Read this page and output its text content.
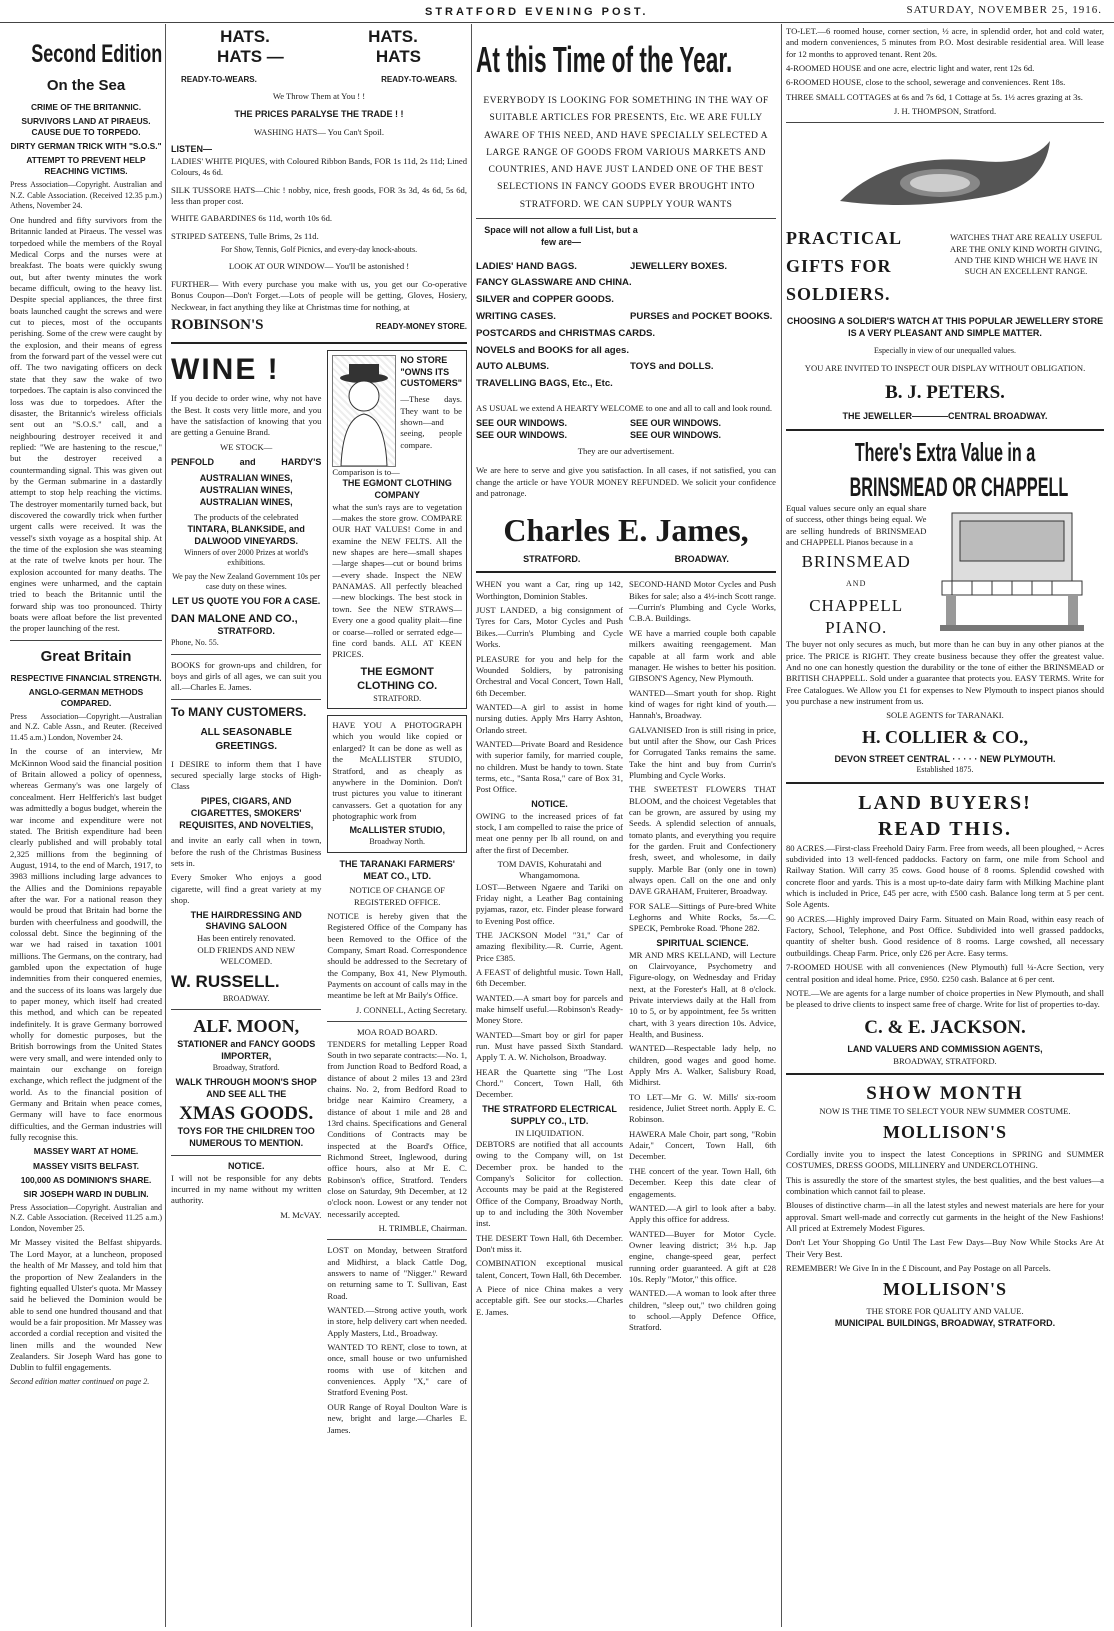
STRATFORD EVENING POST.	SATURDAY, NOVEMBER 25, 1916.
Second Edition
On the Sea
CRIME OF THE BRITANNIC.
SURVIVORS LAND AT PIRAEUS. CAUSE DUE TO TORPEDO.
DIRTY GERMAN TRICK WITH "S.O.S."
ATTEMPT TO PREVENT HELP REACHING VICTIMS.

Press Association—Copyright. Australian and N.Z. Cable Association. (Received 12.35 p.m.) Athens, November 24.

One hundred and fifty survivors from the Britannic landed at Piraeus. The vessel was torpedoed while the members of the Royal Medical Corps and the nurses were at breakfast. The boats were quickly swung out, but after twenty minutes the work became difficult, owing to the heavy list. Despite special appliances, the three first boats launched caught the screws and were cut to pieces, most of the occupants perishing. Some of the crew were caught by the explosion, and their means of egress from the forward part of the vessel were cut off. The two navigating officers on deck state that they saw the wake of two torpedoes. The captain is also convinced the loss was due to torpedoes. After the disaster, the Britannic's wireless officials sent out an "S.O.S." call, and a neighbouring destroyer received it and replied: "We are hastening to the rescue," but the destroyer received a countermanding signal. This was given out by the German submarine in a dastardly attempt to stop help reaching the victims. The destroyer momentarily turned back, but discovered the cowardly trick when further urgent calls were received. It was the vessel's sixth voyage as a hospital ship. At the time of the explosion she was steaming at the rate of twelve knots per hour. The explosion accounted for many deaths. The engines were unharmed, and the captain tried to beach the Britannic until the forward ship was too pronounced. Thirty boats were afloat before the list prevented the proper launching of the rest.

Great Britain
RESPECTIVE FINANCIAL STRENGTH.
ANGLO-GERMAN METHODS COMPARED.

Press Association—Copyright.—Australian and N.Z. Cable Assn., and Reuter. (Received 11.45 a.m.) London, November 24.

In the course of an interview, Mr McKinnon Wood said the financial position of Britain allowed a policy of openness, whereas Germany's was one largely of concealment. Herr Helfferich's last budget was admittedly a bogus budget, wherein the war income and expenditure were not stated. The British expenditure had been clearly published and will probably total 2,325 millions from the beginning of August, 1914, to the end of March, 1917, to 3983 millions including large advances to the Allies and the Dominions repayable after the war. For a national reason they would be proud that Britain had borne the burden with cheerfulness and goodwill, the colossal debt. Since the beginning of the war we had raised in taxation 1001 millions. The Germans, on the contrary, had gambled upon the expectation of huge indemnities from their conquered enemies, and the success of its loans was largely due to paper money, which itself had created this method, and which can be repeated indefinitely. It is grave Germany borrowed wholly for domestic purposes, but the British borrowings from the United States were very small, and were intended only to maintain our exchange on foreign exchange, which reflect the judgment of the world. As to the financial position of Germany and Britain when peace comes, Germany will have to face enormous difficulties, and the German industries will fully recognise this.

MASSEY WART AT HOME.
MASSEY VISITS BELFAST.
100,000 AS DOMINION'S SHARE.
SIR JOSEPH WARD IN DUBLIN.

Press Association—Copyright. Australian and N.Z. Cable Association. (Received 11.25 a.m.) London, November 25.

Mr Massey visited the Belfast shipyards. The Lord Mayor, at a luncheon, proposed the health of Mr Massey, and told him that the proportion of New Zealanders in the fighting equalled Ulster's quota. Mr Massey said he believed the Dominion would be able to send one hundred thousand and that would be a fair proposition. Mr Massey was accorded a cordial reception and visited the linen mills and the wounded New Zealanders. Sir Joseph Ward has gone to Dublin to fulfil engagements.

Second edition matter continued on page 2.

HATS.	HATS.
HATS —	HATS
READY-TO-WEARS.	READY-TO-WEARS.
We Throw Them at You ! !
THE PRICES PARALYSE THE TRADE ! !
WASHING HATS— You Can't Spoil.
LISTEN—

LADIES' WHITE PIQUES, with Coloured Ribbon Bands, FOR 1s 11d, 2s 11d; Lined Colours, 4s 6d.

SILK TUSSORE HATS—Chic ! nobby, nice, fresh goods, FOR 3s 3d, 4s 6d, 5s 6d, less than proper cost.

WHITE GABARDINES 6s 11d, worth 10s 6d.

STRIPED SATEENS, Tulle Brims, 2s 11d.

For Show, Tennis, Golf Picnics, and every-day knock-abouts.
LOOK AT OUR WINDOW— You'll be astonished !

FURTHER— With every purchase you make with us, you get our Co-operative Bonus Coupon—Don't Forget.—Lots of people will be getting, Gloves, Hosiery, Neckwear, in fact anything they like at Christmas time for nothing, at

ROBINSON'S	READY-MONEY STORE.
WINE !

If you decide to order wine, why not have the Best. It costs very little more, and you have the satisfaction of knowing that you are getting a Genuine Brand.

WE STOCK—
PENFOLD	and	HARDY'S
AUSTRALIAN WINES,
AUSTRALIAN WINES,
AUSTRALIAN WINES,
The products of the celebrated
TINTARA, BLANKSIDE, and DALWOOD VINEYARDS.
Winners of over 2000 Prizes at world's exhibitions.
We pay the New Zealand Government 10s per case duty on these wines.
LET US QUOTE YOU FOR A CASE.
DAN MALONE AND CO.,
STRATFORD.
Phone, No. 55.

BOOKS for grown-ups and children, for boys and girls of all ages, we can suit you all.—Charles E. James.

To MANY CUSTOMERS.
ALL SEASONABLE GREETINGS.

I DESIRE to inform them that I have secured specially large stocks of High-Class

PIPES, CIGARS, AND CIGARETTES, SMOKERS' REQUISITES, AND NOVELTIES,

and invite an early call when in town, before the rush of the Christmas Business sets in.

Every Smoker Who enjoys a good cigarette, will find a great variety at my shop.

THE HAIRDRESSING AND SHAVING SALOON
Has been entirely renovated.
OLD FRIENDS AND NEW WELCOMED.
W. RUSSELL.
BROADWAY.
ALF. MOON,
STATIONER and FANCY GOODS IMPORTER,
Broadway, Stratford.
WALK THROUGH MOON'S SHOP AND SEE ALL THE
XMAS GOODS.
TOYS FOR THE CHILDREN TOO NUMEROUS TO MENTION.
NOTICE.

I will not be responsible for any debts incurred in my name without my written authority.

M. McVAY.
NO STORE "OWNS ITS CUSTOMERS"

—These days. They want to be shown—and seeing, people compare.

Comparison is to—
THE EGMONT CLOTHING COMPANY

what the sun's rays are to vegetation—makes the store grow. COMPARE OUR HAT VALUES! Come in and examine the NEW FELTS. All the new shapes are here—small shapes—large shapes—cut or bound brims—every shade. Inspect the NEW PANAMAS. All perfectly bleached—new blockings. The best stock in town. See the NEW STRAWS—Every one a good quality plait—fine or coarse—rolled or serrated edge—fine cord bands. ALL AT KEEN PRICES.

THE EGMONT CLOTHING CO.
STRATFORD.

HAVE YOU A PHOTOGRAPH which you would like copied or enlarged? It can be done as well as the McALLISTER STUDIO, Stratford, and as cheaply as anywhere in the Dominion. Don't trust pictures you value to itinerant canvassers. Get a quotation for any photographic work from

McALLISTER STUDIO,
Broadway North.
THE TARANAKI FARMERS' MEAT CO., LTD.
NOTICE OF CHANGE OF REGISTERED OFFICE.

NOTICE is hereby given that the Registered Office of the Company has been Removed to the Office of the Company, Smart Road. Correspondence should be addressed to the Secretary of the Company, Box 41, New Plymouth. Payments on account of calls may in the meantime be left at Mr Baily's Office.

J. CONNELL, Acting Secretary.
MOA ROAD BOARD.

TENDERS for metalling Lepper Road South in two separate contracts:—No. 1, from Junction Road to Bedford Road, a distance of about 2 miles 13 and 23rd chains. No. 2, from Bedford Road to bridge near Kaimiro Creamery, a distance of about 1 mile and 28 and 13rd chains. Specifications and General Conditions of Contracts may be inspected at the Board's Office, Richmond Street, Inglewood, during office hours, also at Mr E. C. Robinson's office, Stratford. Tenders close on Saturday, 9th December, at 12 o'clock noon. Lowest or any tender not necessarily accepted.

H. TRIMBLE, Chairman.

LOST on Monday, between Stratford and Midhirst, a black Cattle Dog, answers to name of "Nigger." Reward on returning same to T. Sullivan, East Road.

WANTED.—Strong active youth, work in store, help delivery cart when needed. Apply Masters, Ltd., Broadway.

WANTED TO RENT, close to town, at once, small house or two unfurnished rooms with use of kitchen and conveniences. Apply "X," care of Stratford Evening Post.

OUR Range of Royal Doulton Ware is new, bright and large.—Charles E. James.

At this Time of the Year.

EVERYBODY IS LOOKING FOR SOMETHING IN THE WAY OF SUITABLE ARTICLES FOR PRESENTS, Etc. WE ARE FULLY AWARE OF THIS NEED, AND HAVE SPECIALLY SELECTED A LARGE RANGE OF GOODS FROM VARIOUS MARKETS AND COUNTRIES, AND HAVE JUST LANDED ONE OF THE BEST SELECTIONS IN FANCY GOODS EVER BROUGHT INTO STRATFORD. WE CAN SUPPLY YOUR WANTS

Space will not allow a full List, but a few are—
LADIES' HAND BAGS.	JEWELLERY BOXES.
FANCY GLASSWARE AND CHINA.
SILVER and COPPER GOODS.
WRITING CASES.	PURSES and POCKET BOOKS.
POSTCARDS and CHRISTMAS CARDS.
NOVELS and BOOKS for all ages.
AUTO ALBUMS.	TOYS and DOLLS.
TRAVELLING BAGS, Etc., Etc.

AS USUAL we extend A HEARTY WELCOME to one and all to call and look round.

SEE OUR WINDOWS.	SEE OUR WINDOWS.
SEE OUR WINDOWS.	SEE OUR WINDOWS.
They are our advertisement.

We are here to serve and give you satisfaction. In all cases, if not satisfied, you can change the article or have YOUR MONEY REFUNDED. We solicit your confidence and patronage.

Charles E. James,
STRATFORD.	BROADWAY.

WHEN you want a Car, ring up 142, Worthington, Dominion Stables.

JUST LANDED, a big consignment of Tyres for Cars, Motor Cycles and Push Bikes.—Currin's Plumbing and Cycle Works.

PLEASURE for you and help for the Wounded Soldiers, by patronising Orchestral and Vocal Concert, Town Hall, 6th December.

WANTED—A girl to assist in home nursing duties. Apply Mrs Harry Ashton, Orlando street.

WANTED—Private Board and Residence with superior family, for married couple, no children. Must be handy to town. State terms, etc., "Santa Rosa," care of Box 31, Post Office.

NOTICE.

OWING to the increased prices of fat stock, I am compelled to raise the price of meat one penny per lb all round, on and after the first of December.

TOM DAVIS, Kohuratahi and Whangamomona.

LOST—Between Ngaere and Tariki on Friday night, a Leather Bag containing pyjamas, razor, etc. Finder please forward to Evening Post office.

THE JACKSON Model "31," Car of amazing flexibility.—R. Currie, Agent. Price £385.

A FEAST of delightful music. Town Hall, 6th December.

WANTED.—A smart boy for parcels and make himself useful.—Robinson's Ready-Money Store.

WANTED—Smart boy or girl for paper run. Must have passed Sixth Standard. Apply T. A. W. Nicholson, Broadway.

HEAR the Quartette sing "The Lost Chord." Concert, Town Hall, 6th December.

THE STRATFORD ELECTRICAL SUPPLY CO., LTD.
IN LIQUIDATION.

DEBTORS are notified that all accounts owing to the Company will, on 1st December prox. be handed to the Company's Solicitor for collection. Accounts may be paid at the Registered Office of the Company, Broadway North, up to and including the 30th November inst.

THE DESERT Town Hall, 6th December. Don't miss it.

COMBINATION exceptional musical talent, Concert, Town Hall, 6th December.

A Piece of nice China makes a very acceptable gift. See our stocks.—Charles E. James.

SECOND-HAND Motor Cycles and Push Bikes for sale; also a 4½-inch Scott range.—Currin's Plumbing and Cycle Works, C.B.A. Buildings.

WE have a married couple both capable milkers awaiting reengagement. Man capable at all farm work and able manager. He wishes to better his position. GIBSON'S Agency, New Plymouth.

WANTED—Smart youth for shop. Right kind of wages for right kind of youth.—Hannah's, Broadway.

GALVANISED Iron is still rising in price, but until after the Show, our Cash Prices for Corrugated Tanks remains the same. Take the hint and buy from Currin's Plumbing and Cycle Works.

THE SWEETEST FLOWERS THAT BLOOM, and the choicest Vegetables that can be grown, are assured by using my Seeds. A splendid selection of annuals, tomato plants, and everything you require for the garden. Fruit and Confectionery fresh, sweet, and wholesome, in daily supply. Marble Bar (only one in town) always open. Call on the one and only DAVE GRAHAM, Fruiterer, Broadway.

FOR SALE—Sittings of Pure-bred White Leghorns and White Rocks, 5s.—C. SPECK, Pembroke Road. 'Phone 282.

SPIRITUAL SCIENCE.

MR AND MRS KELLAND, will Lecture on Clairvoyance, Psychometry and Figure-ology, on Wednesday and Friday next, at the Forester's Hall, at 8 o'clock. Private interviews daily at the Hall from 10 to 5, or by appointment, fee 5s written chart, with 3 years direction 10s. Advice, Health, and Business.

WANTED—Respectable lady help, no children, good wages and good home. Apply Mrs A. Walker, Salisbury Road, Midhirst.

TO LET—Mr G. W. Mills' six-room residence, Juliet Street north. Apply E. C. Robinson.

HAWERA Male Choir, part song, "Robin Adair," Concert, Town Hall, 6th December.

THE concert of the year. Town Hall, 6th December. Keep this date clear of engagements.

WANTED.—A girl to look after a baby. Apply this office for address.

WANTED—Buyer for Motor Cycle. Owner leaving district; 3½ h.p. Jap engine, change-speed gear, perfect running order guaranteed. A gift at £28 10s. Reply "Motor," this office.

WANTED.—A woman to look after three children, "sleep out," two children going to school.—Apply Defence Office, Stratford.

TO-LET.—6 roomed house, corner section, ½ acre, in splendid order, hot and cold water, and modern conveniences, 5 minutes from P.O. Most desirable residential area. Will lease for 12 months to approved tenant. Rent 20s.

4-ROOMED HOUSE and one acre, electric light and water, rent 12s 6d.

6-ROOMED HOUSE, close to the school, sewerage and conveniences. Rent 18s.

THREE SMALL COTTAGES at 6s and 7s 6d, 1 Cottage at 5s. 1½ acres grazing at 3s.

J. H. THOMPSON, Stratford.
PRACTICAL GIFTS FOR SOLDIERS.
WATCHES THAT ARE REALLY USEFUL ARE THE ONLY KIND WORTH GIVING, AND THE KIND WHICH WE HAVE IN SUCH AN EXCELLENT RANGE.
CHOOSING A SOLDIER'S WATCH AT THIS POPULAR JEWELLERY STORE IS A VERY PLEASANT AND SIMPLE MATTER.
Especially in view of our unequalled values.
YOU ARE INVITED TO INSPECT OUR DISPLAY WITHOUT OBLIGATION.
B. J. PETERS.
THE JEWELLER————CENTRAL BROADWAY.
There's Extra Value in a
BRINSMEAD OR CHAPPELL

Equal values secure only an equal share of success, other things being equal. We are selling hundreds of BRINSMEAD and CHAPPELL Pianos because in a

BRINSMEAD
AND
CHAPPELL
PIANO.

The buyer not only secures as much, but more than he can buy in any other pianos at the price. The PRICE is RIGHT. They create business because they offer the greatest value. And no one can honestly question the durability or the tone of either the BRINSMEAD or BRITISH CHAPPELL. Sold under a guarantee that protects you. EASY TERMS. Write for Free Catalogues. We Allow you £1 for expenses to New Plymouth to inspect pianos should you purchase a new instrument from us.

SOLE AGENTS for TARANAKI.
H. COLLIER & CO.,
DEVON STREET CENTRAL · · · · · NEW PLYMOUTH.
Established 1875.
LAND BUYERS!
READ THIS.

80 ACRES.—First-class Freehold Dairy Farm. Free from weeds, all been ploughed, ~ Acres subdivided into 13 well-fenced paddocks. Factory on farm, one mile from School and Railway Station. Will carry 35 cows. Good house of 8 rooms. Splendid cowshed with concrete floor and yards. This is a most up-to-date dairy farm with Milking Machine plant which is included in Price, £45 per acre, with £500 cash. Balance long term at 5 per cent. Sole Agents.

90 ACRES.—Highly improved Dairy Farm. Situated on Main Road, within easy reach of Factory, School, Telephone, and Post Office. Subdivided into well grassed paddocks, quantity of shelter bush. Good residence of 8 rooms. Large cowshed, all necessary outbuildings. Cheap Farm. Price, only £26 per Acre. Easy terms.

7-ROOMED HOUSE with all conveniences (New Plymouth) full ¼-Acre Section, very central position and ideal home. Price, £950. £250 cash. Balance at 6 per cent.

NOTE.—We are agents for a large number of choice properties in New Plymouth, and shall be pleased to drive clients to inspect same free of charge. Write for list of properties to-day.

C. & E. JACKSON.
LAND VALUERS AND COMMISSION AGENTS,
BROADWAY, STRATFORD.
SHOW MONTH
NOW IS THE TIME TO SELECT YOUR NEW SUMMER COSTUME.
MOLLISON'S

Cordially invite you to inspect the latest Conceptions in SPRING and SUMMER COSTUMES, DRESS GOODS, MILLINERY and UNDERCLOTHING.

This is assuredly the store of the smartest styles, the best qualities, and the best values—a combination which cannot fail to please.

Blouses of distinctive charm—in all the latest styles and newest materials are here for your approval. Smart well-made and correctly cut garments in the height of the New Fashions! All priced at Extremely Modest Figures.

Don't Let Your Shopping Go Until The Last Few Days—Buy Now While Stocks Are At Their Very Best.

REMEMBER! We Give In in the £ Discount, and Pay Postage on all Parcels.

MOLLISON'S
THE STORE FOR QUALITY AND VALUE.
MUNICIPAL BUILDINGS, BROADWAY, STRATFORD.
